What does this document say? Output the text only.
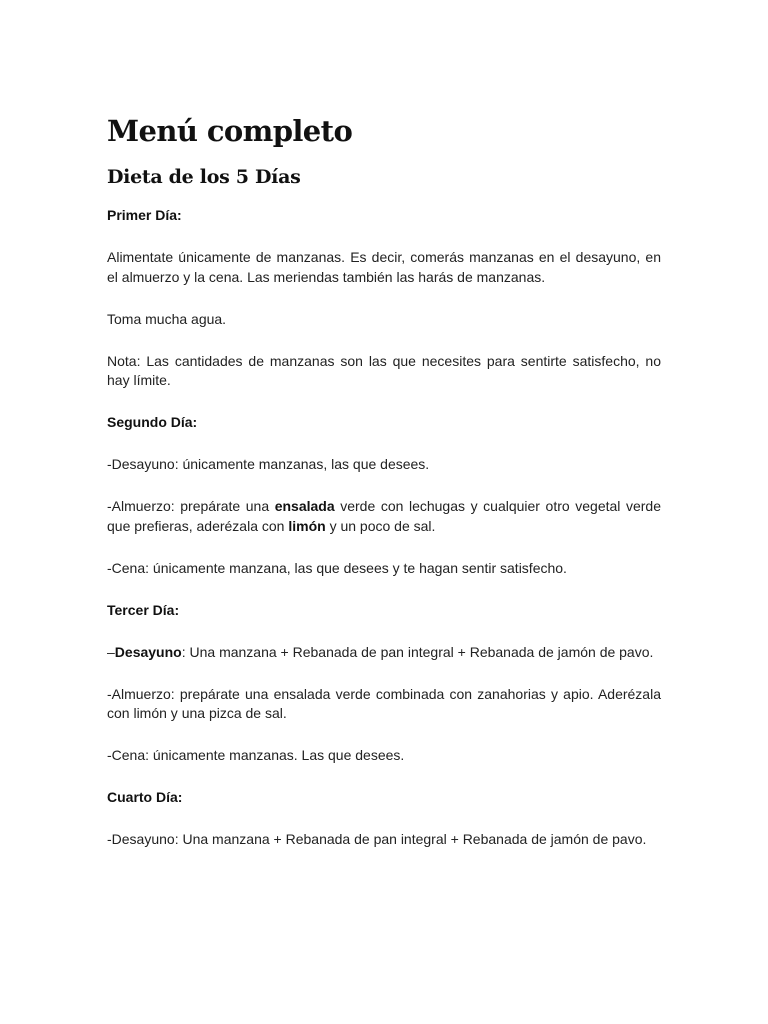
Menú completo
Dieta de los 5 Días

Primer Día:

Alimentate únicamente de manzanas. Es decir, comerás manzanas en el desayuno, en el almuerzo y la cena. Las meriendas también las harás de manzanas.

Toma mucha agua.

Nota: Las cantidades de manzanas son las que necesites para sentirte satisfecho, no hay límite.

Segundo Día:

-Desayuno: únicamente manzanas, las que desees.

-Almuerzo: prepárate una ensalada verde con lechugas y cualquier otro vegetal verde que prefieras, aderézala con limón y un poco de sal.

-Cena: únicamente manzana, las que desees y te hagan sentir satisfecho.

Tercer Día:

–Desayuno: Una manzana + Rebanada de pan integral + Rebanada de jamón de pavo.

-Almuerzo: prepárate una ensalada verde combinada con zanahorias y apio. Aderézala con limón y una pizca de sal.

-Cena: únicamente manzanas. Las que desees.

Cuarto Día:

-Desayuno: Una manzana + Rebanada de pan integral + Rebanada de jamón de pavo.
